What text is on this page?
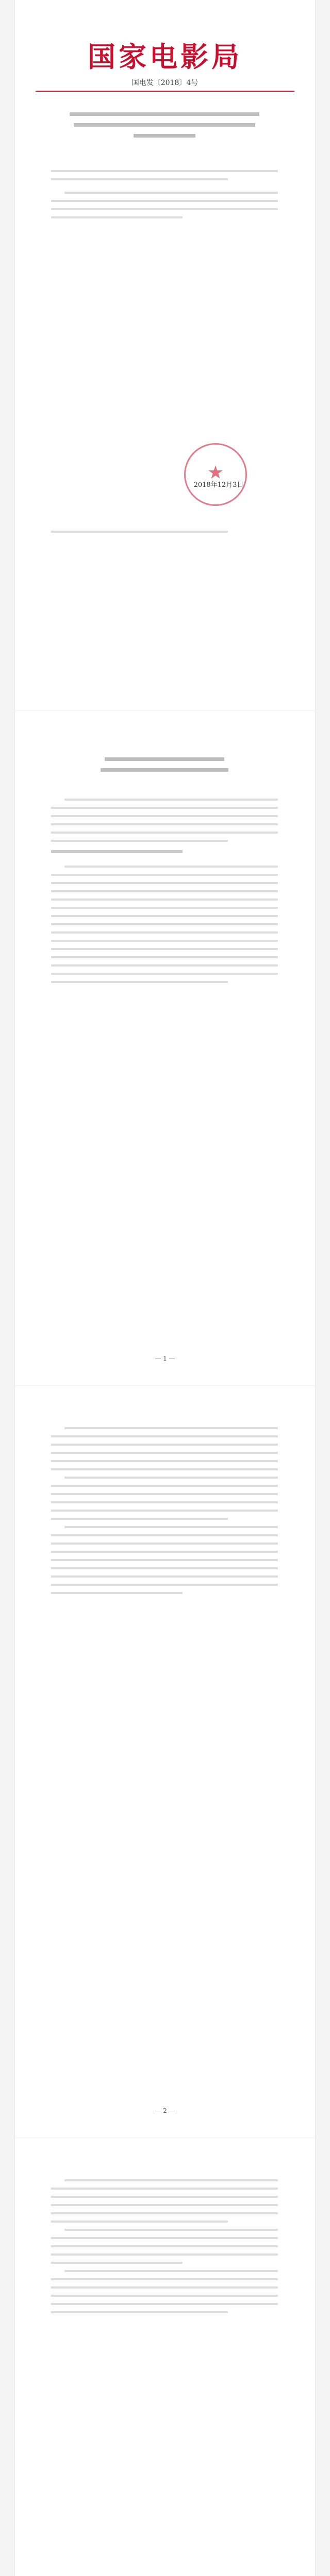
国家电影局
国电发〔2018〕4号
★
2018年12月3日
— 1 —
— 2 —
